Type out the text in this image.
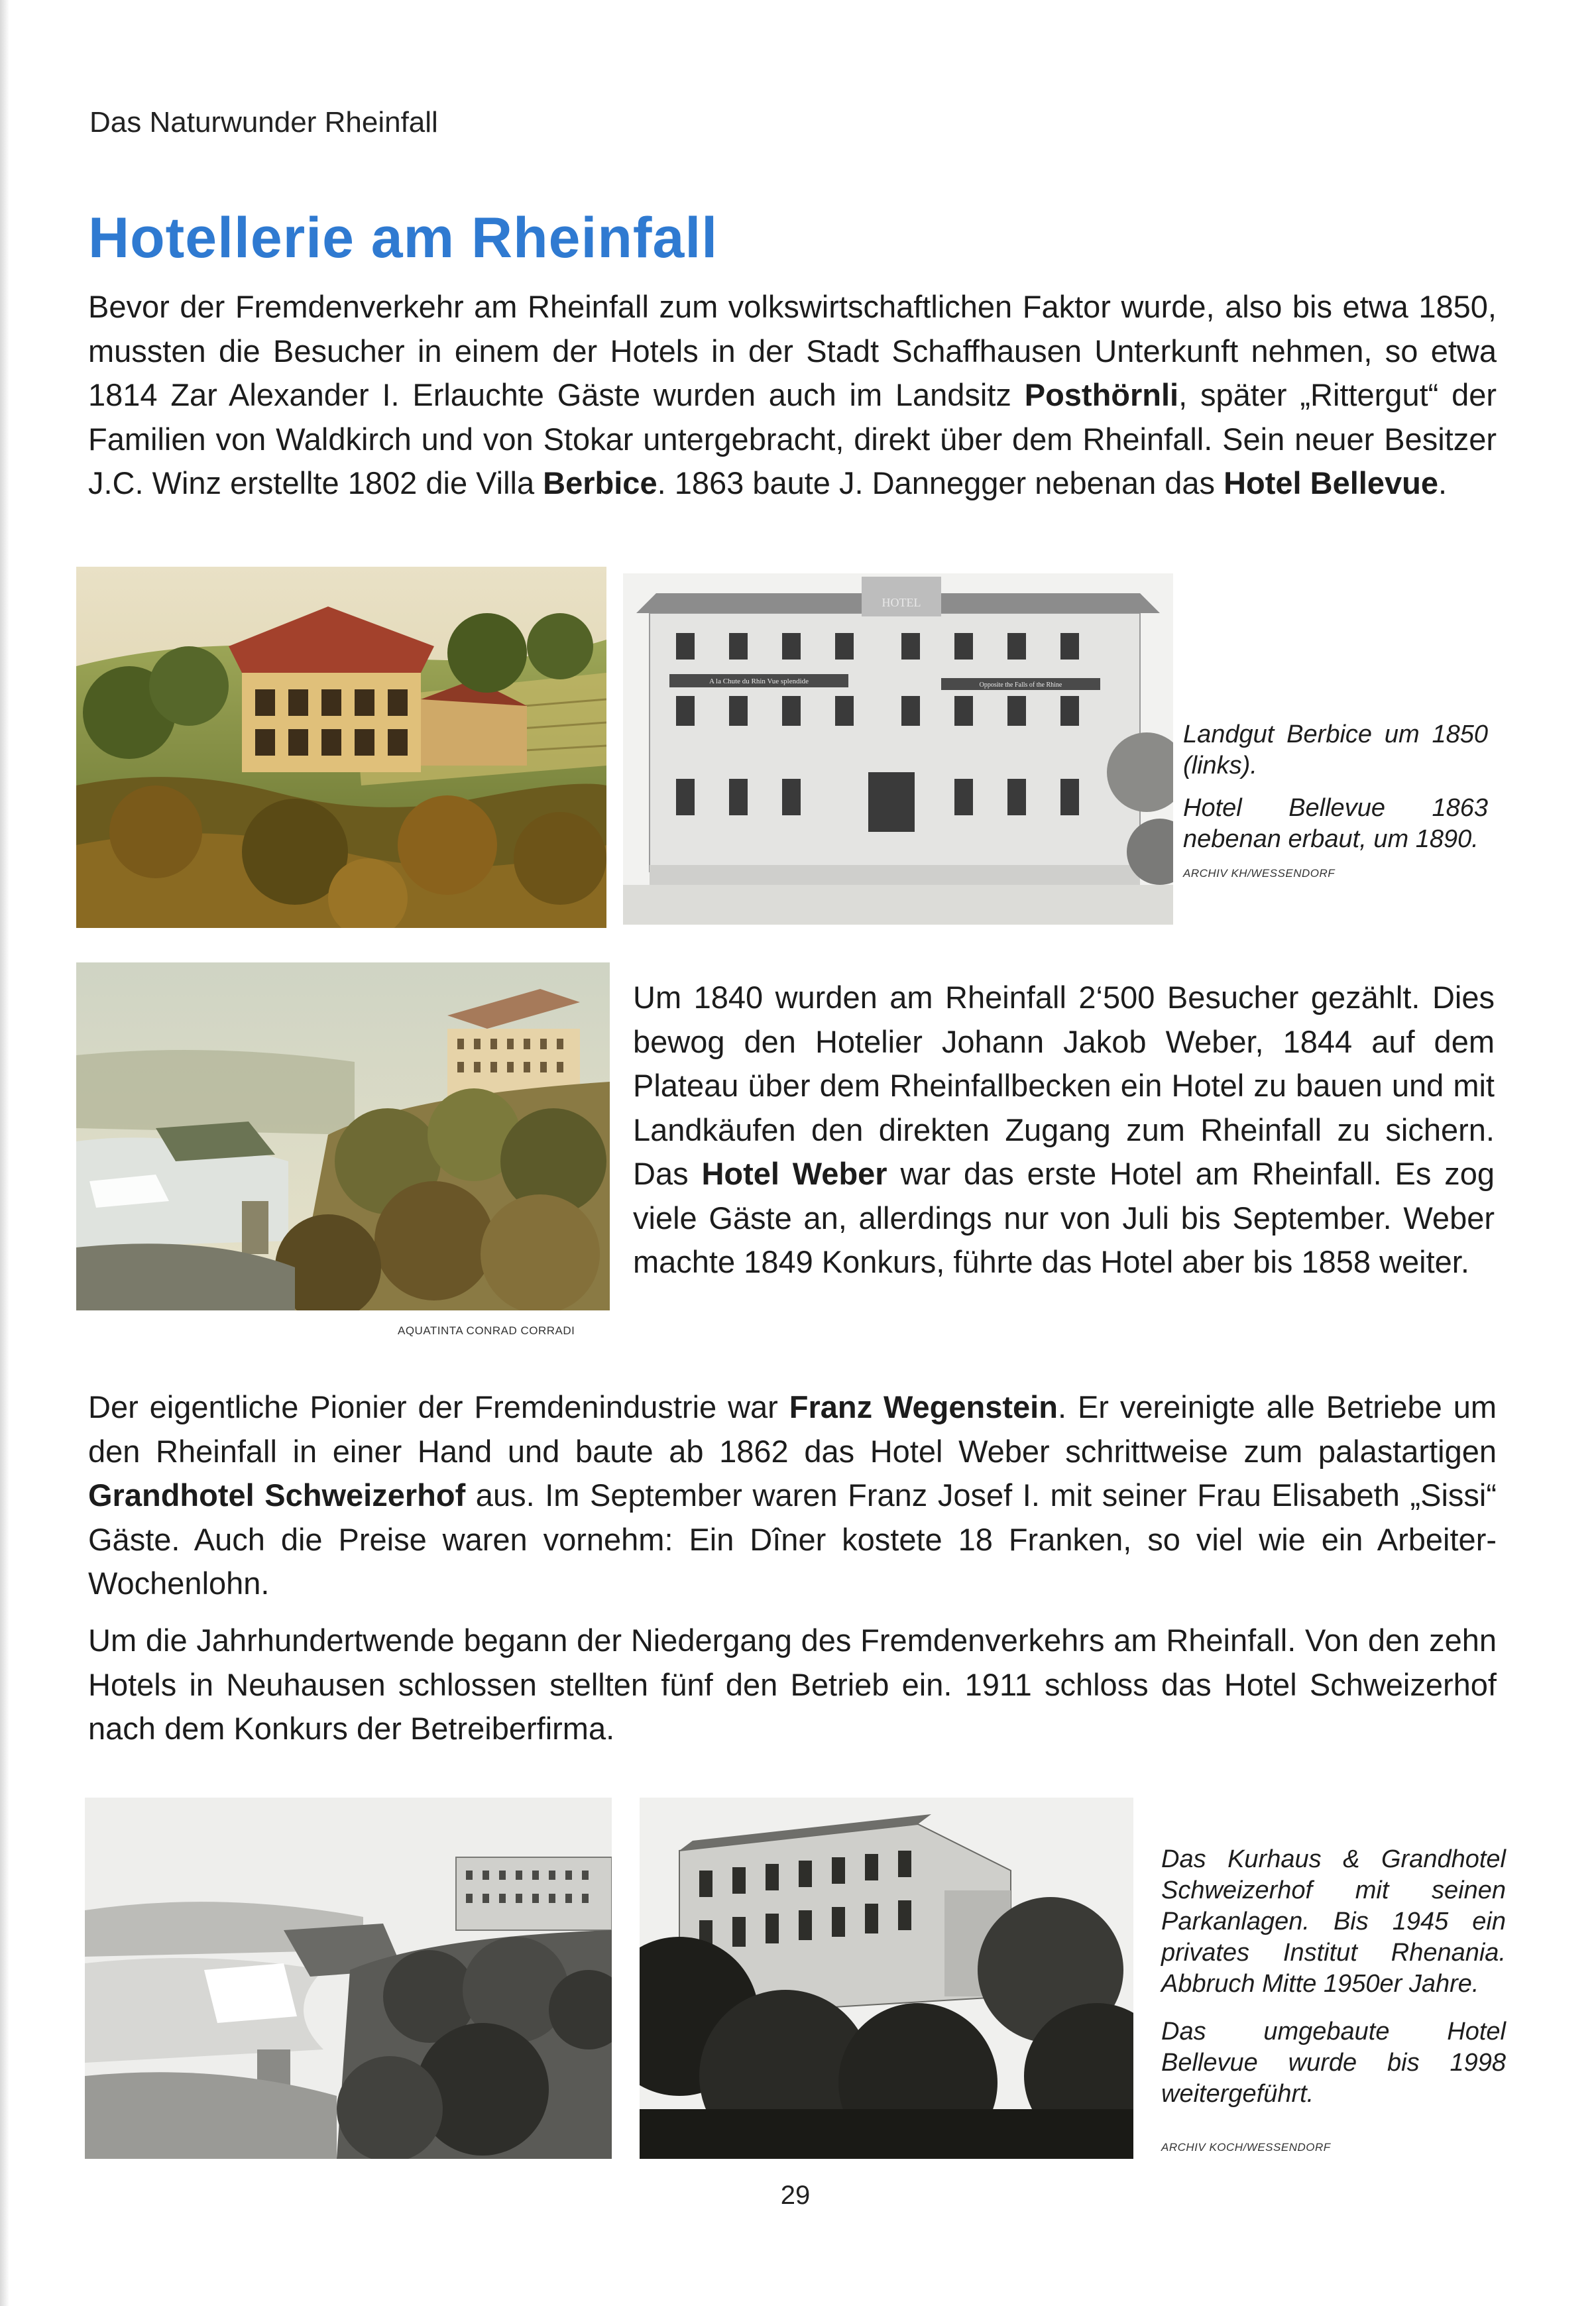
Das Naturwunder Rheinfall
Hotellerie am Rheinfall

Bevor der Fremdenverkehr am Rheinfall zum volkswirtschaftlichen Faktor wurde, also bis etwa 1850, mussten die Besucher in einem der Hotels in der Stadt Schaffhausen Unterkunft nehmen, so etwa 1814 Zar Alexander I. Erlauchte Gäste wurden auch im Landsitz Posthörnli, später „Rittergut“ der Familien von Waldkirch und von Stokar untergebracht, direkt über dem Rheinfall. Sein neuer Besitzer J.C. Winz erstellte 1802 die Villa Berbice. 1863 baute J. Dannegger nebenan das Hotel Bellevue.

A la Chute du Rhin Vue splendide	Opposite the Falls of the Rhine
HOTEL

Landgut Berbice um 1850 (links).

Hotel Bellevue 1863 nebenan erbaut, um 1890.

ARCHIV KH/WESSENDORF

AQUATINTA CONRAD CORRADI

Um 1840 wurden am Rheinfall 2‘500 Besucher gezählt. Dies bewog den Hotelier Johann Jakob Weber, 1844 auf dem Plateau über dem Rheinfallbecken ein Hotel zu bauen und mit Landkäufen den direkten Zugang zum Rheinfall zu sichern. Das Hotel Weber war das erste Hotel am Rheinfall. Es zog viele Gäste an, allerdings nur von Juli bis September. Weber machte 1849 Konkurs, führte das Hotel aber bis 1858 weiter.

Der eigentliche Pionier der Fremdenindustrie war Franz Wegenstein. Er vereinigte alle Betriebe um den Rheinfall in einer Hand und baute ab 1862 das Hotel Weber schrittweise zum palastartigen Grandhotel Schweizerhof aus. Im September waren Franz Josef I. mit seiner Frau Elisabeth „Sissi“ Gäste. Auch die Preise waren vornehm: Ein Dîner kostete 18 Franken, so viel wie ein Arbeiter-Wochenlohn.

Um die Jahrhundertwende begann der Niedergang des Fremdenverkehrs am Rheinfall. Von den zehn Hotels in Neuhausen schlossen stellten fünf den Betrieb ein. 1911 schloss das Hotel Schweizerhof nach dem Konkurs der Betreiberfirma.

Das Kurhaus & Grandhotel Schweizerhof mit seinen Parkanlagen. Bis 1945 ein privates Institut Rhenania. Abbruch Mitte 1950er Jahre.

Das umgebaute Hotel Bellevue wurde bis 1998 weitergeführt.

ARCHIV KOCH/WESSENDORF

29
